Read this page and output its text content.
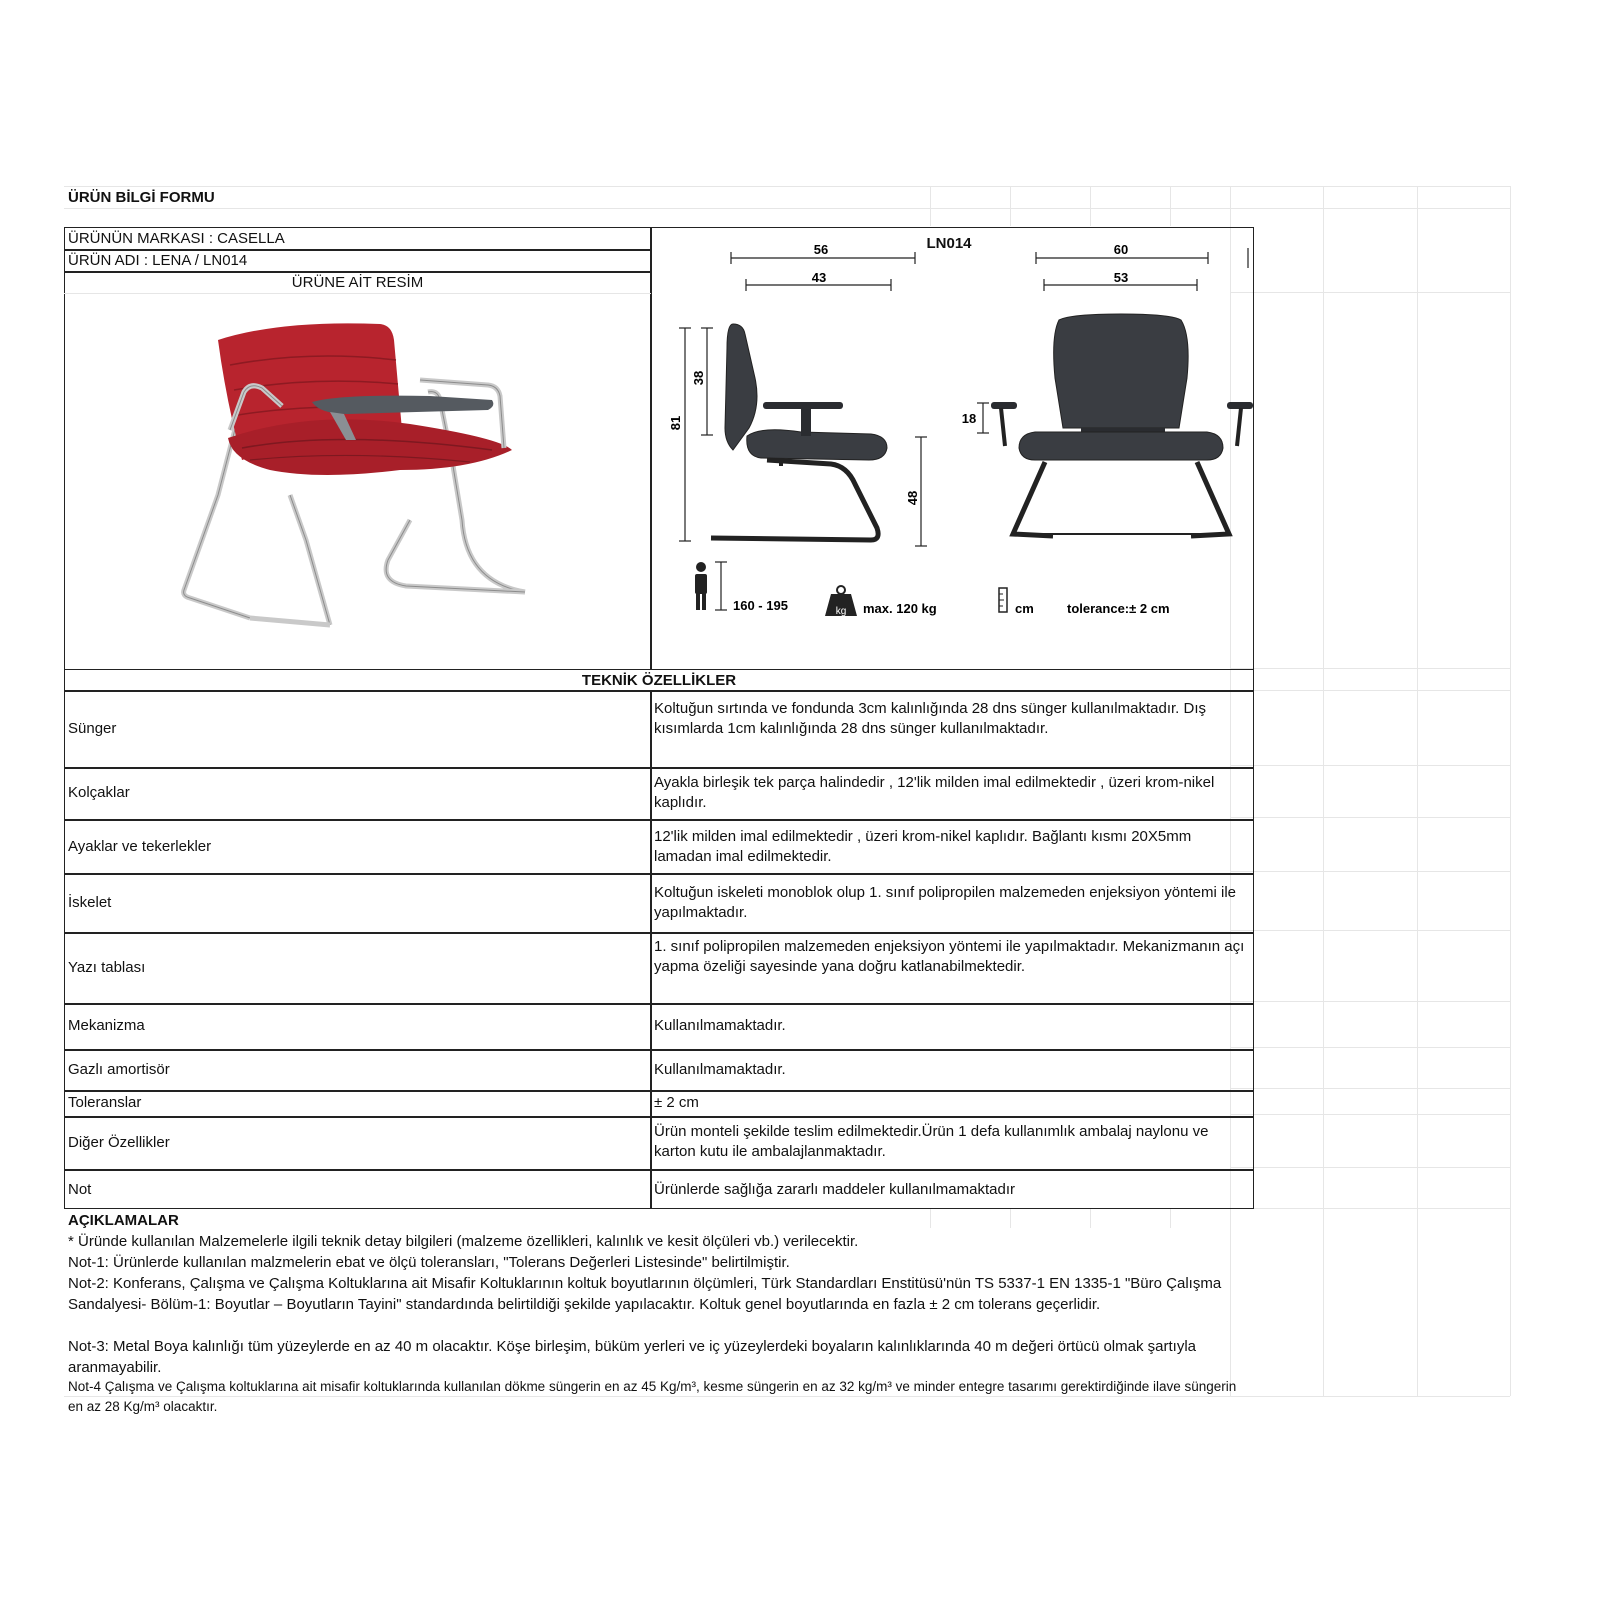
ÜRÜN BİLGİ FORMU
ÜRÜNÜN MARKASI : CASELLA
ÜRÜN ADI : LENA / LN014
ÜRÜNE AİT RESİM
LN014
56
43
60
53
81
38
48
18
160 - 195	kg max. 120 kg	cm	tolerance:± 2 cm
TEKNİK ÖZELLİKLER
Sünger
Koltuğun sırtında ve fondunda 3cm kalınlığında 28 dns sünger kullanılmaktadır. Dış kısımlarda 1cm kalınlığında 28 dns sünger kullanılmaktadır.
Kolçaklar
Ayakla birleşik tek parça halindedir , 12'lik milden imal edilmektedir , üzeri krom-nikel kaplıdır.
Ayaklar ve tekerlekler
12'lik milden imal edilmektedir , üzeri krom-nikel kaplıdır. Bağlantı kısmı 20X5mm lamadan imal edilmektedir.
İskelet
Koltuğun iskeleti monoblok olup 1. sınıf polipropilen malzemeden enjeksiyon yöntemi ile yapılmaktadır.
Yazı tablası
1. sınıf polipropilen malzemeden enjeksiyon yöntemi ile yapılmaktadır. Mekanizmanın açı yapma özeliği sayesinde yana doğru katlanabilmektedir.
Mekanizma	Kullanılmamaktadır.
Gazlı amortisör	Kullanılmamaktadır.
Toleranslar	± 2 cm
Diğer Özellikler
Ürün monteli şekilde teslim edilmektedir.Ürün 1 defa kullanımlık ambalaj naylonu ve karton kutu ile ambalajlanmaktadır.
Not	Ürünlerde sağlığa zararlı maddeler kullanılmamaktadır
AÇIKLAMALAR
* Üründe kullanılan Malzemelerle ilgili teknik detay bilgileri (malzeme özellikleri, kalınlık ve kesit ölçüleri vb.) verilecektir.
Not-1: Ürünlerde kullanılan malzmelerin ebat ve ölçü toleransları, "Tolerans Değerleri Listesinde" belirtilmiştir.
Not-2: Konferans, Çalışma ve Çalışma Koltuklarına ait Misafir Koltuklarının koltuk boyutlarının ölçümleri, Türk Standardları Enstitüsü'nün TS 5337-1 EN 1335-1 "Büro Çalışma Sandalyesi- Bölüm-1: Boyutlar – Boyutların Tayini" standardında belirtildiği şekilde yapılacaktır. Koltuk genel boyutlarında en fazla ± 2 cm tolerans geçerlidir.
Not-3: Metal Boya kalınlığı tüm yüzeylerde en az 40 m olacaktır. Köşe birleşim, büküm yerleri ve iç yüzeylerdeki boyaların kalınlıklarında 40 m değeri örtücü olmak şartıyla aranmayabilir.
Not-4 Çalışma ve Çalışma koltuklarına ait misafir koltuklarında kullanılan dökme süngerin en az 45 Kg/m³, kesme süngerin en az 32 kg/m³ ve minder entegre tasarımı gerektirdiğinde ilave süngerin en az 28 Kg/m³ olacaktır.
